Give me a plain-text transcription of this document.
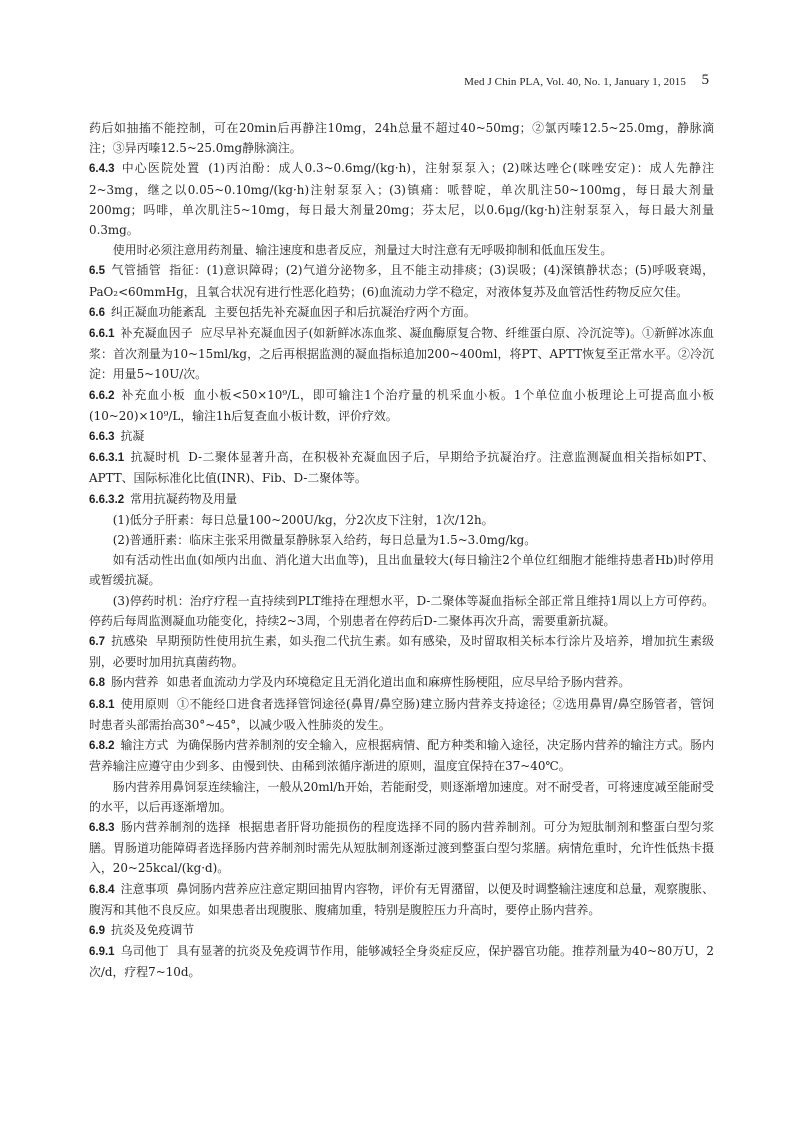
Med J Chin PLA, Vol. 40, No. 1, January 1, 2015 5

药后如抽搐不能控制，可在20min后再静注10mg，24h总量不超过40~50mg；②氯丙嗪12.5~25.0mg，静脉滴注；③异丙嗪12.5~25.0mg静脉滴注。

6.4.3  中心医院处置 (1)丙泊酚：成人0.3~0.6mg/(kg·h)，注射泵泵入；(2)咪达唑仑(咪唑安定)：成人先静注2~3mg，继之以0.05~0.10mg/(kg·h)注射泵泵入；(3)镇痛：哌替啶，单次肌注50~100mg，每日最大剂量200mg；吗啡，单次肌注5~10mg，每日最大剂量20mg；芬太尼，以0.6μg/(kg·h)注射泵泵入，每日最大剂量0.3mg。

使用时必须注意用药剂量、输注速度和患者反应，剂量过大时注意有无呼吸抑制和低血压发生。

6.5  气管插管 指征：(1)意识障碍；(2)气道分泌物多，且不能主动排痰；(3)误吸；(4)深镇静状态；(5)呼吸衰竭，PaO₂<60mmHg，且氧合状况有进行性恶化趋势；(6)血流动力学不稳定，对液体复苏及血管活性药物反应欠佳。

6.6  纠正凝血功能紊乱 主要包括先补充凝血因子和后抗凝治疗两个方面。

6.6.1  补充凝血因子 应尽早补充凝血因子(如新鲜冰冻血浆、凝血酶原复合物、纤维蛋白原、冷沉淀等)。①新鲜冰冻血浆：首次剂量为10~15ml/kg，之后再根据监测的凝血指标追加200~400ml，将PT、APTT恢复至正常水平。②冷沉淀：用量5~10U/次。

6.6.2  补充血小板 血小板<50×10⁹/L，即可输注1个治疗量的机采血小板。1个单位血小板理论上可提高血小板(10~20)×10⁹/L，输注1h后复查血小板计数，评价疗效。

6.6.3  抗凝

6.6.3.1  抗凝时机 D-二聚体显著升高，在积极补充凝血因子后，早期给予抗凝治疗。注意监测凝血相关指标如PT、APTT、国际标准化比值(INR)、Fib、D-二聚体等。

6.6.3.2  常用抗凝药物及用量

(1)低分子肝素：每日总量100~200U/kg，分2次皮下注射，1次/12h。

(2)普通肝素：临床主张采用微量泵静脉泵入给药，每日总量为1.5~3.0mg/kg。

如有活动性出血(如颅内出血、消化道大出血等)，且出血量较大(每日输注2个单位红细胞才能维持患者Hb)时停用或暂缓抗凝。

(3)停药时机：治疗疗程一直持续到PLT维持在理想水平，D-二聚体等凝血指标全部正常且维持1周以上方可停药。停药后每周监测凝血功能变化，持续2~3周，个别患者在停药后D-二聚体再次升高，需要重新抗凝。

6.7  抗感染 早期预防性使用抗生素，如头孢二代抗生素。如有感染，及时留取相关标本行涂片及培养，增加抗生素级别，必要时加用抗真菌药物。

6.8  肠内营养 如患者血流动力学及内环境稳定且无消化道出血和麻痹性肠梗阻，应尽早给予肠内营养。

6.8.1  使用原则 ①不能经口进食者选择管饲途径(鼻胃/鼻空肠)建立肠内营养支持途径；②选用鼻胃/鼻空肠管者，管饲时患者头部需抬高30°~45°，以减少吸入性肺炎的发生。

6.8.2  输注方式 为确保肠内营养制剂的安全输入，应根据病情、配方种类和输入途径，决定肠内营养的输注方式。肠内营养输注应遵守由少到多、由慢到快、由稀到浓循序渐进的原则，温度宜保持在37~40℃。

肠内营养用鼻饲泵连续输注，一般从20ml/h开始，若能耐受，则逐渐增加速度。对不耐受者，可将速度减至能耐受的水平，以后再逐渐增加。

6.8.3  肠内营养制剂的选择 根据患者肝肾功能损伤的程度选择不同的肠内营养制剂。可分为短肽制剂和整蛋白型匀浆膳。胃肠道功能障碍者选择肠内营养制剂时需先从短肽制剂逐渐过渡到整蛋白型匀浆膳。病情危重时，允许性低热卡摄入，20~25kcal/(kg·d)。

6.8.4  注意事项 鼻饲肠内营养应注意定期回抽胃内容物，评价有无胃潴留，以便及时调整输注速度和总量，观察腹胀、腹泻和其他不良反应。如果患者出现腹胀、腹痛加重，特别是腹腔压力升高时，要停止肠内营养。

6.9  抗炎及免疫调节

6.9.1  乌司他丁 具有显著的抗炎及免疫调节作用，能够减轻全身炎症反应，保护器官功能。推荐剂量为40~80万U，2次/d，疗程7~10d。
